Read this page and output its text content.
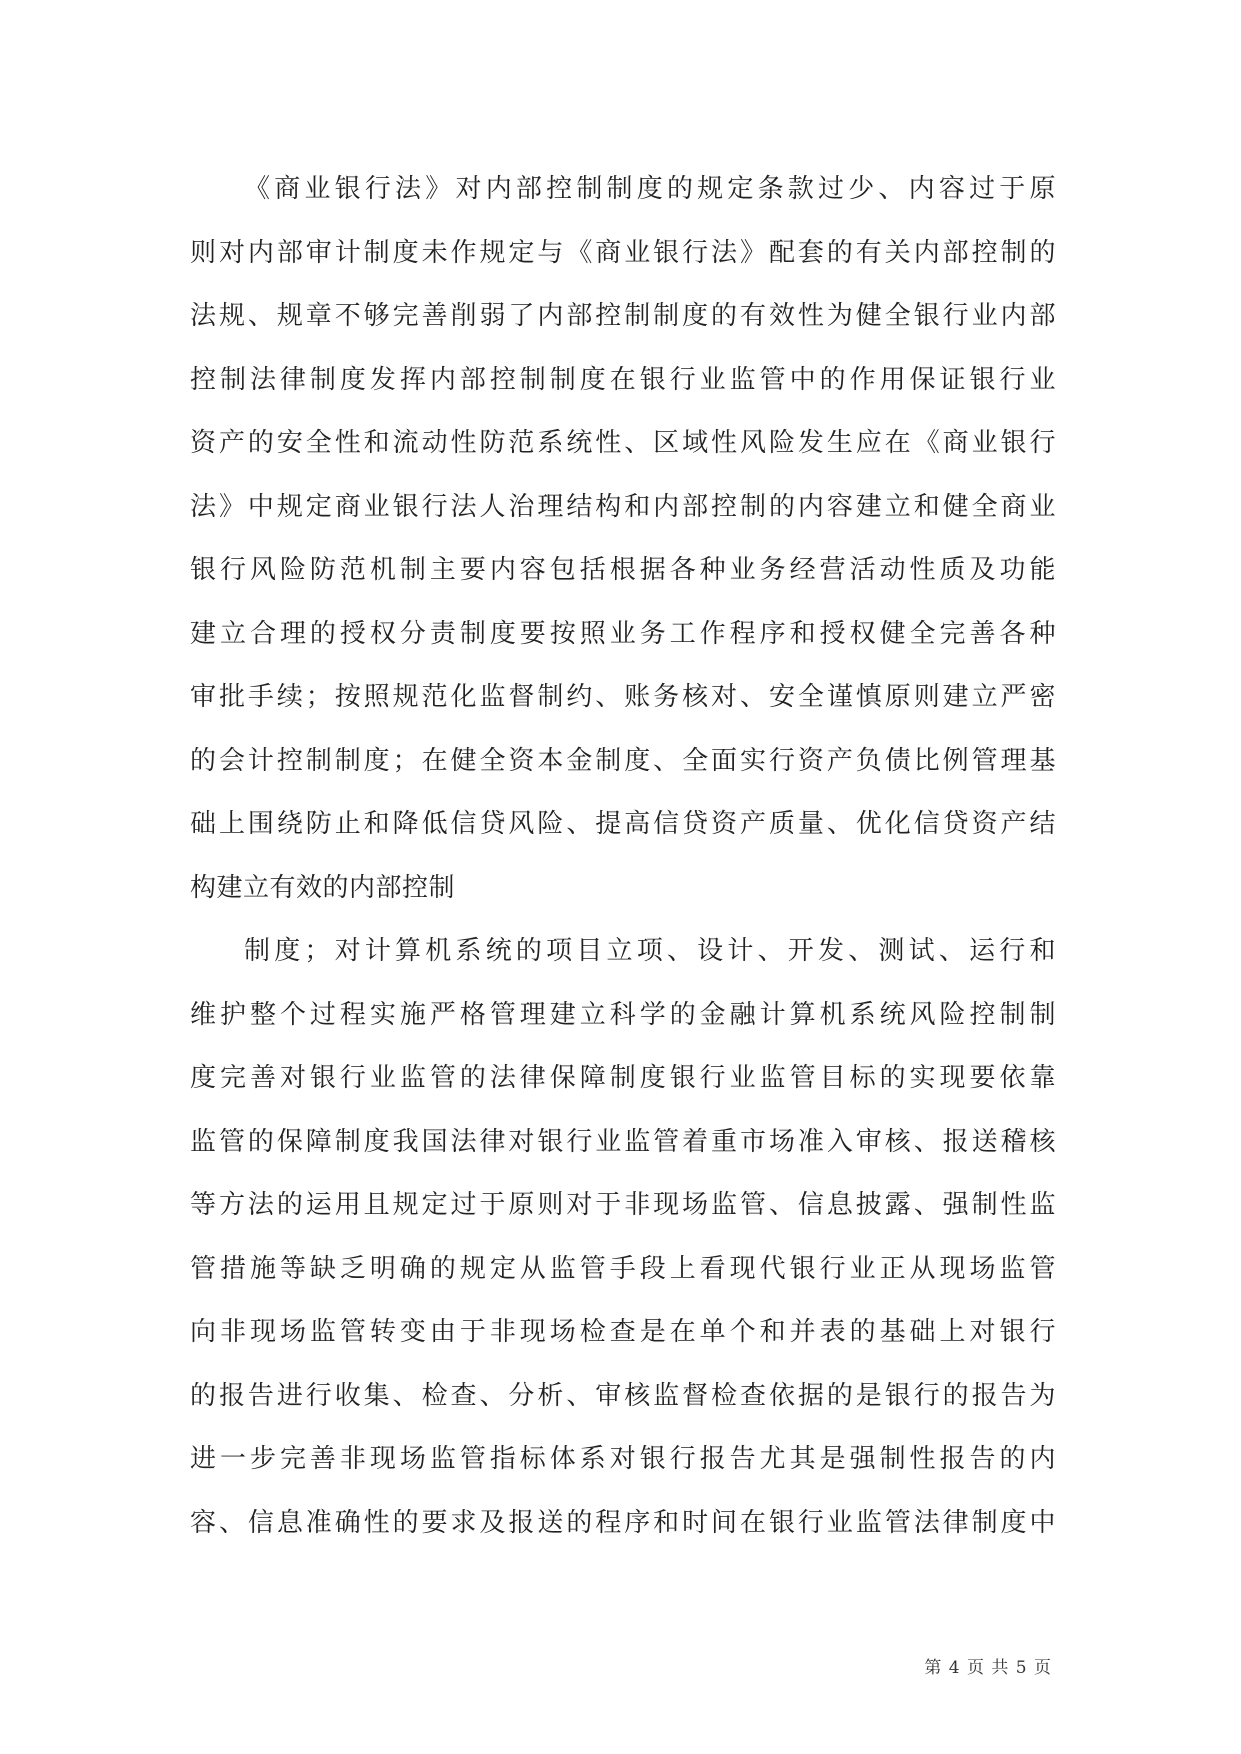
《商业银行法》对内部控制制度的规定条款过少、内容过于原
则对内部审计制度未作规定与《商业银行法》配套的有关内部控制的
法规、规章不够完善削弱了内部控制制度的有效性为健全银行业内部
控制法律制度发挥内部控制制度在银行业监管中的作用保证银行业
资产的安全性和流动性防范系统性、区域性风险发生应在《商业银行
法》中规定商业银行法人治理结构和内部控制的内容建立和健全商业
银行风险防范机制主要内容包括根据各种业务经营活动性质及功能
建立合理的授权分责制度要按照业务工作程序和授权健全完善各种
审批手续；按照规范化监督制约、账务核对、安全谨慎原则建立严密
的会计控制制度；在健全资本金制度、全面实行资产负债比例管理基
础上围绕防止和降低信贷风险、提高信贷资产质量、优化信贷资产结
构建立有效的内部控制
制度；对计算机系统的项目立项、设计、开发、测试、运行和
维护整个过程实施严格管理建立科学的金融计算机系统风险控制制
度完善对银行业监管的法律保障制度银行业监管目标的实现要依靠
监管的保障制度我国法律对银行业监管着重市场准入审核、报送稽核
等方法的运用且规定过于原则对于非现场监管、信息披露、强制性监
管措施等缺乏明确的规定从监管手段上看现代银行业正从现场监管
向非现场监管转变由于非现场检查是在单个和并表的基础上对银行
的报告进行收集、检查、分析、审核监督检查依据的是银行的报告为
进一步完善非现场监管指标体系对银行报告尤其是强制性报告的内
容、信息准确性的要求及报送的程序和时间在银行业监管法律制度中
第 4 页 共 5 页
